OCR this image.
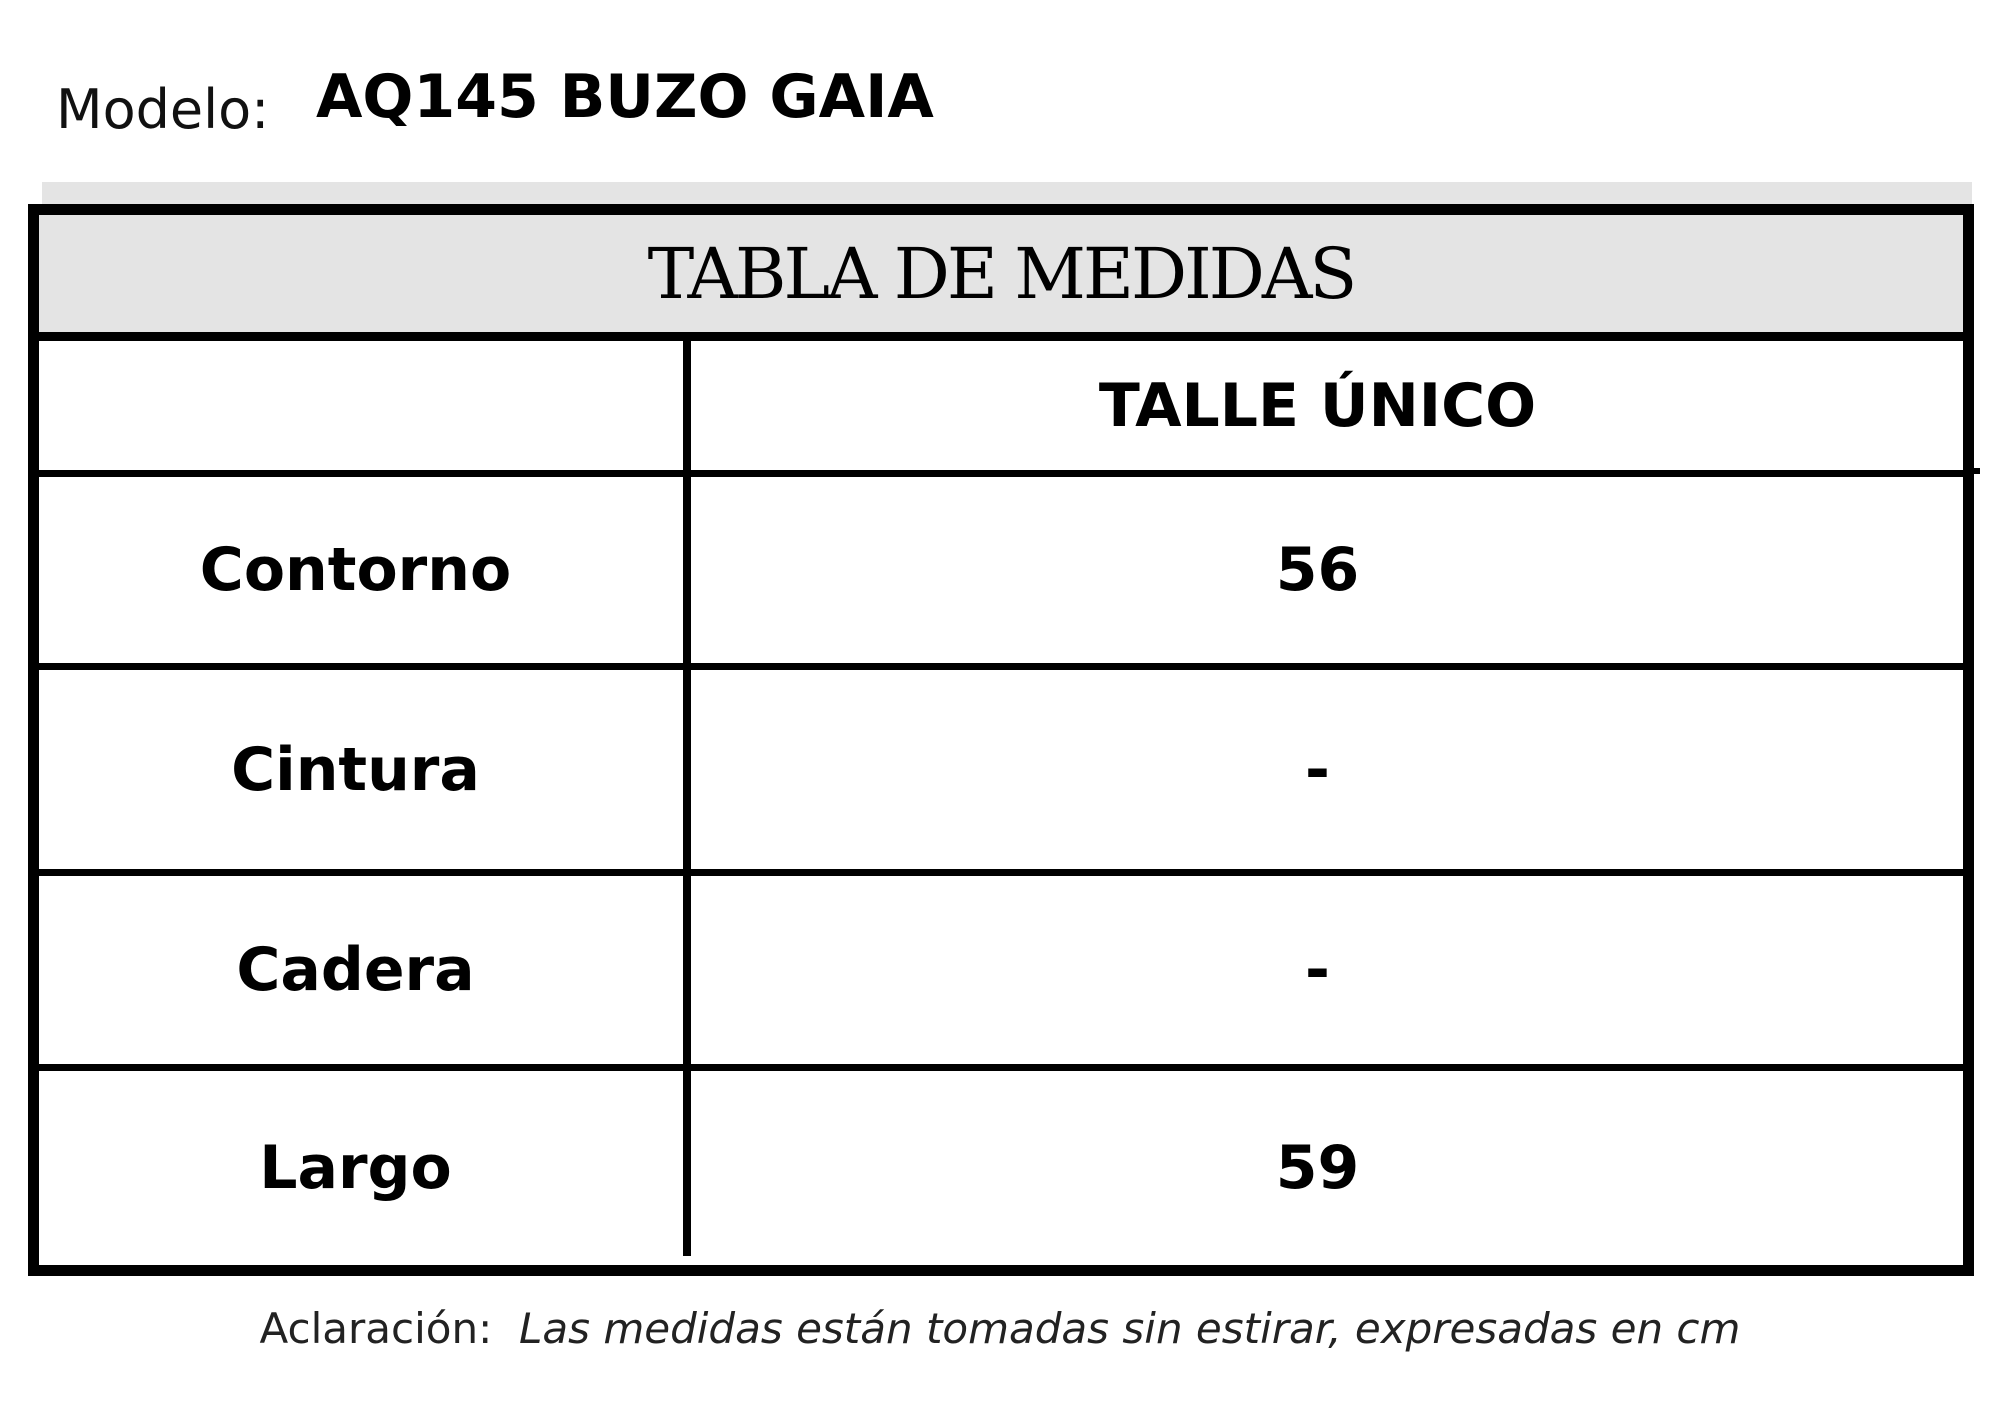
Modelo: AQ145 BUZO GAIA
TABLA DE MEDIDAS
TALLE ÚNICO
Contorno	56
Cintura	-
Cadera	-
Largo	59
Aclaración: Las medidas están tomadas sin estirar, expresadas en cm
